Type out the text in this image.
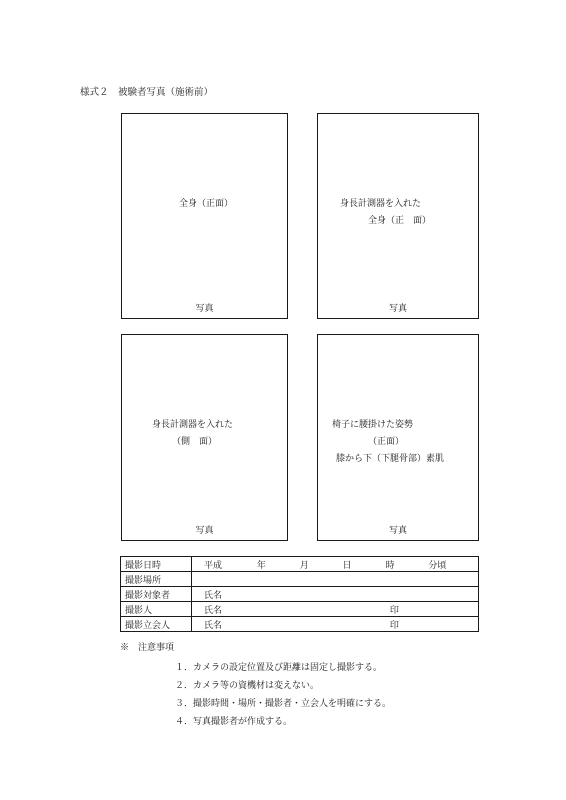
様式２　被験者写真（施術前）
全身（正面）
写真
身長計測器を入れた
全身（正　面）
写真
身長計測器を入れた
（側　面）
写真
椅子に腰掛けた姿勢
（正面）
膝から下（下腿骨部）素肌
写真
撮影日時	平成 年 月 日 時 分頃
撮影場所	
撮影対象者	氏名
撮影人	氏名 印
撮影立会人	氏名 印
※　注意事項
１．カメラの設定位置及び距離は固定し撮影する。
２．カメラ等の資機材は変えない。
３．撮影時間・場所・撮影者・立会人を明確にする。
４．写真撮影者が作成する。
